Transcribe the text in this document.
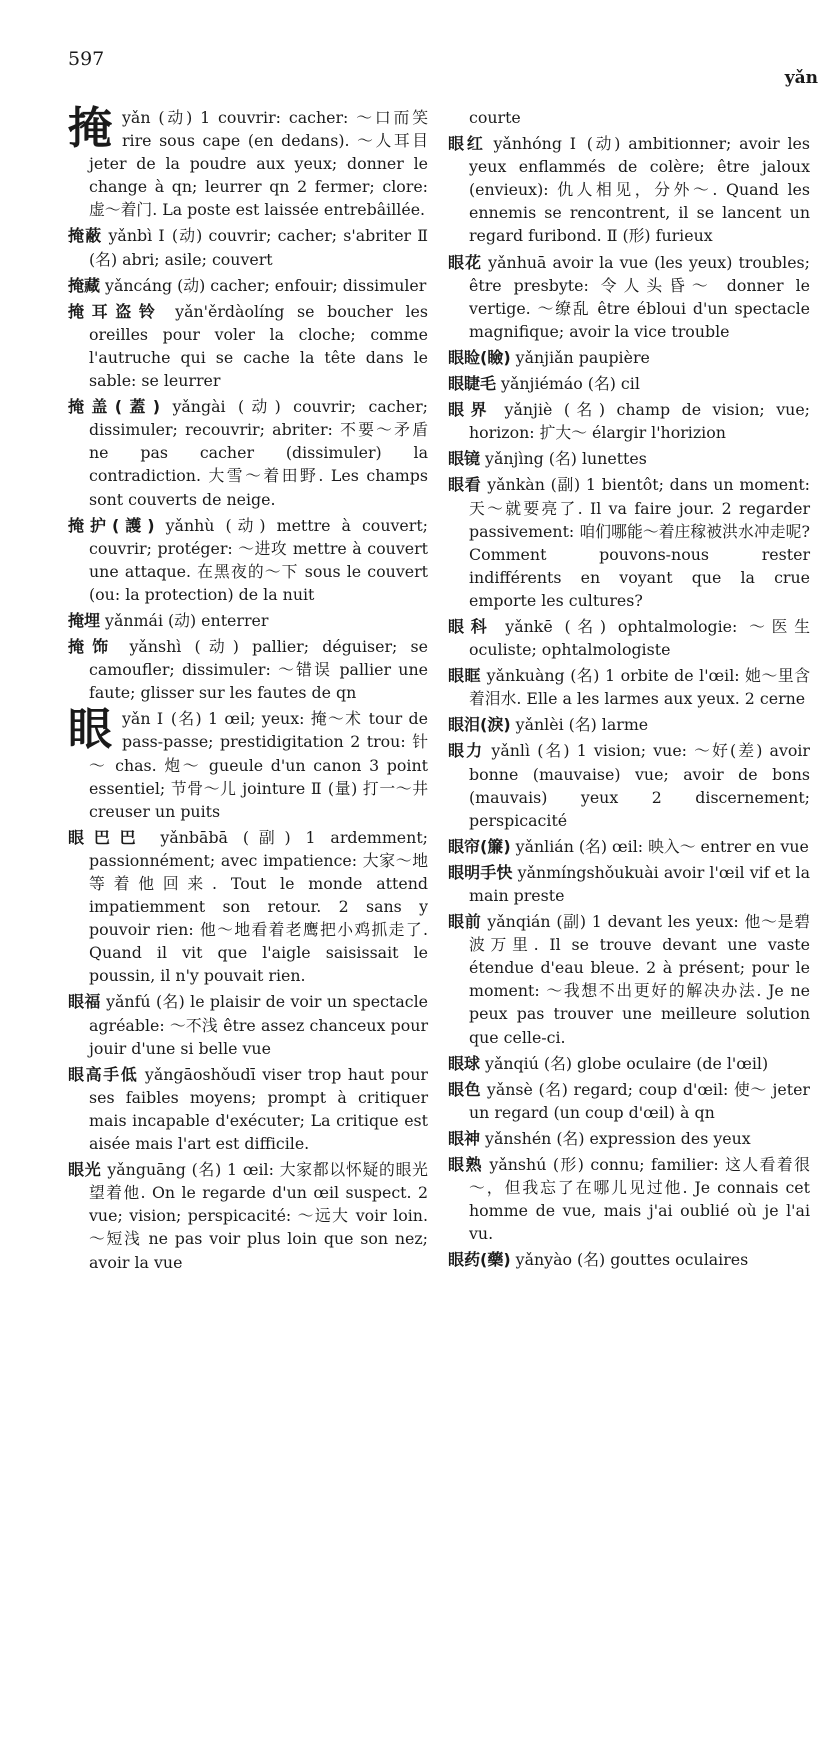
597
yǎn

掩yǎn (动) 1 couvrir: cacher: ～口而笑 rire sous cape (en dedans). ～人耳目 jeter de la poudre aux yeux; donner le change à qn; leurrer qn 2 fermer; clore: 虚～着门. La poste est laissée entrebâillée.

掩蔽 yǎnbì Ⅰ (动) couvrir; cacher; s'abriter Ⅱ (名) abri; asile; couvert

掩藏 yǎncáng (动) cacher; enfouir; dissimuler

掩耳盗铃 yǎn'ěrdàolíng se boucher les oreilles pour voler la cloche; comme l'autruche qui se cache la tête dans le sable: se leurrer

掩盖(蓋) yǎngài (动) couvrir; cacher; dissimuler; recouvrir; abriter: 不要～矛盾 ne pas cacher (dissimuler) la contradiction. 大雪～着田野. Les champs sont couverts de neige.

掩护(護) yǎnhù (动) mettre à couvert; couvrir; protéger: ～进攻 mettre à couvert une attaque. 在黑夜的～下 sous le couvert (ou: la protection) de la nuit

掩埋 yǎnmái (动) enterrer

掩饰 yǎnshì (动) pallier; déguiser; se camoufler; dissimuler: ～错误 pallier une faute; glisser sur les fautes de qn

眼yǎn Ⅰ (名) 1 œil; yeux: 掩～术 tour de pass-passe; prestidigitation 2 trou: 针～ chas. 炮～ gueule d'un canon 3 point essentiel; 节骨～儿 jointure Ⅱ (量) 打一～井 creuser un puits

眼巴巴 yǎnbābā (副) 1 ardemment; passionnément; avec impatience: 大家～地等着他回来. Tout le monde attend impatiemment son retour. 2 sans y pouvoir rien: 他～地看着老鹰把小鸡抓走了. Quand il vit que l'aigle saisissait le poussin, il n'y pouvait rien.

眼福 yǎnfú (名) le plaisir de voir un spectacle agréable: ～不浅 être assez chanceux pour jouir d'une si belle vue

眼高手低 yǎngāoshǒudī viser trop haut pour ses faibles moyens; prompt à critiquer mais incapable d'exécuter; La critique est aisée mais l'art est difficile.

眼光 yǎnguāng (名) 1 œil: 大家都以怀疑的眼光望着他. On le regarde d'un œil suspect. 2 vue; vision; perspicacité: ～远大 voir loin. ～短浅 ne pas voir plus loin que son nez; avoir la vue

courte

眼红 yǎnhóng Ⅰ (动) ambitionner; avoir les yeux enflammés de colère; être jaloux (envieux): 仇人相见，分外～. Quand les ennemis se rencontrent, il se lancent un regard furibond. Ⅱ (形) furieux

眼花 yǎnhuā avoir la vue (les yeux) troubles; être presbyte: 令人头昏～ donner le vertige. ～缭乱 être ébloui d'un spectacle magnifique; avoir la vice trouble

眼睑(瞼) yǎnjiǎn paupière

眼睫毛 yǎnjiémáo (名) cil

眼界 yǎnjiè (名) champ de vision; vue; horizon: 扩大～ élargir l'horizion

眼镜 yǎnjìng (名) lunettes

眼看 yǎnkàn (副) 1 bientôt; dans un moment: 天～就要亮了. Il va faire jour. 2 regarder passivement: 咱们哪能～着庄稼被洪水冲走呢? Comment pouvons-nous rester indifférents en voyant que la crue emporte les cultures?

眼科 yǎnkē (名) ophtalmologie: ～医生 oculiste; ophtalmologiste

眼眶 yǎnkuàng (名) 1 orbite de l'œil: 她～里含着泪水. Elle a les larmes aux yeux. 2 cerne

眼泪(淚) yǎnlèi (名) larme

眼力 yǎnlì (名) 1 vision; vue: ～好(差) avoir bonne (mauvaise) vue; avoir de bons (mauvais) yeux 2 discernement; perspicacité

眼帘(簾) yǎnlián (名) œil: 映入～ entrer en vue

眼明手快 yǎnmíngshǒukuài avoir l'œil vif et la main preste

眼前 yǎnqián (副) 1 devant les yeux: 他～是碧波万里. Il se trouve devant une vaste étendue d'eau bleue. 2 à présent; pour le moment: ～我想不出更好的解决办法. Je ne peux pas trouver une meilleure solution que celle-ci.

眼球 yǎnqiú (名) globe oculaire (de l'œil)

眼色 yǎnsè (名) regard; coup d'œil: 使～ jeter un regard (un coup d'œil) à qn

眼神 yǎnshén (名) expression des yeux

眼熟 yǎnshú (形) connu; familier: 这人看着很～，但我忘了在哪儿见过他. Je connais cet homme de vue, mais j'ai oublié où je l'ai vu.

眼药(藥) yǎnyào (名) gouttes oculaires
